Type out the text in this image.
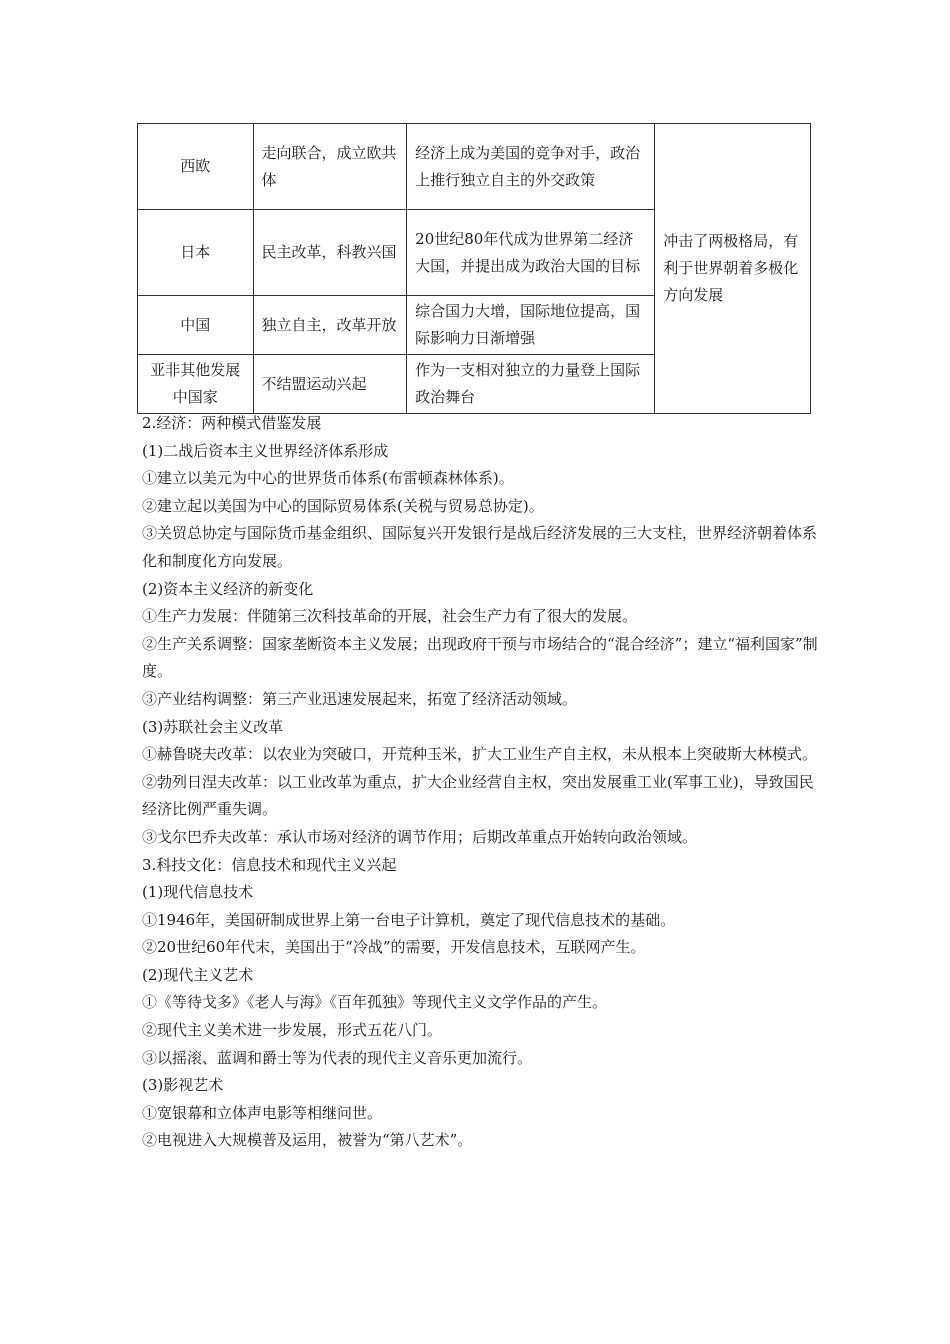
西欧	走向联合，成立欧共体	经济上成为美国的竞争对手，政治上推行独立自主的外交政策	冲击了两极格局，有利于世界朝着多极化方向发展
日本	民主改革，科教兴国	20世纪80年代成为世界第二经济大国，并提出成为政治大国的目标	
中国	独立自主，改革开放	综合国力大增，国际地位提高，国际影响力日渐增强	
亚非其他发展中国家	不结盟运动兴起	作为一支相对独立的力量登上国际政治舞台	

2.经济：两种模式借鉴发展

(1)二战后资本主义世界经济体系形成

①建立以美元为中心的世界货币体系(布雷顿森林体系)。

②建立起以美国为中心的国际贸易体系(关税与贸易总协定)。

③关贸总协定与国际货币基金组织、国际复兴开发银行是战后经济发展的三大支柱，世界经济朝着体系化和制度化方向发展。

(2)资本主义经济的新变化

①生产力发展：伴随第三次科技革命的开展，社会生产力有了很大的发展。

②生产关系调整：国家垄断资本主义发展；出现政府干预与市场结合的“混合经济”；建立“福利国家”制度。

③产业结构调整：第三产业迅速发展起来，拓宽了经济活动领域。

(3)苏联社会主义改革

①赫鲁晓夫改革：以农业为突破口，开荒种玉米，扩大工业生产自主权，未从根本上突破斯大林模式。

②勃列日涅夫改革：以工业改革为重点，扩大企业经营自主权，突出发展重工业(军事工业)，导致国民经济比例严重失调。

③戈尔巴乔夫改革：承认市场对经济的调节作用；后期改革重点开始转向政治领域。

3.科技文化：信息技术和现代主义兴起

(1)现代信息技术

①1946年，美国研制成世界上第一台电子计算机，奠定了现代信息技术的基础。

②20世纪60年代末，美国出于“冷战”的需要，开发信息技术，互联网产生。

(2)现代主义艺术

①《等待戈多》《老人与海》《百年孤独》等现代主义文学作品的产生。

②现代主义美术进一步发展，形式五花八门。

③以摇滚、蓝调和爵士等为代表的现代主义音乐更加流行。

(3)影视艺术

①宽银幕和立体声电影等相继问世。

②电视进入大规模普及运用，被誉为“第八艺术”。
